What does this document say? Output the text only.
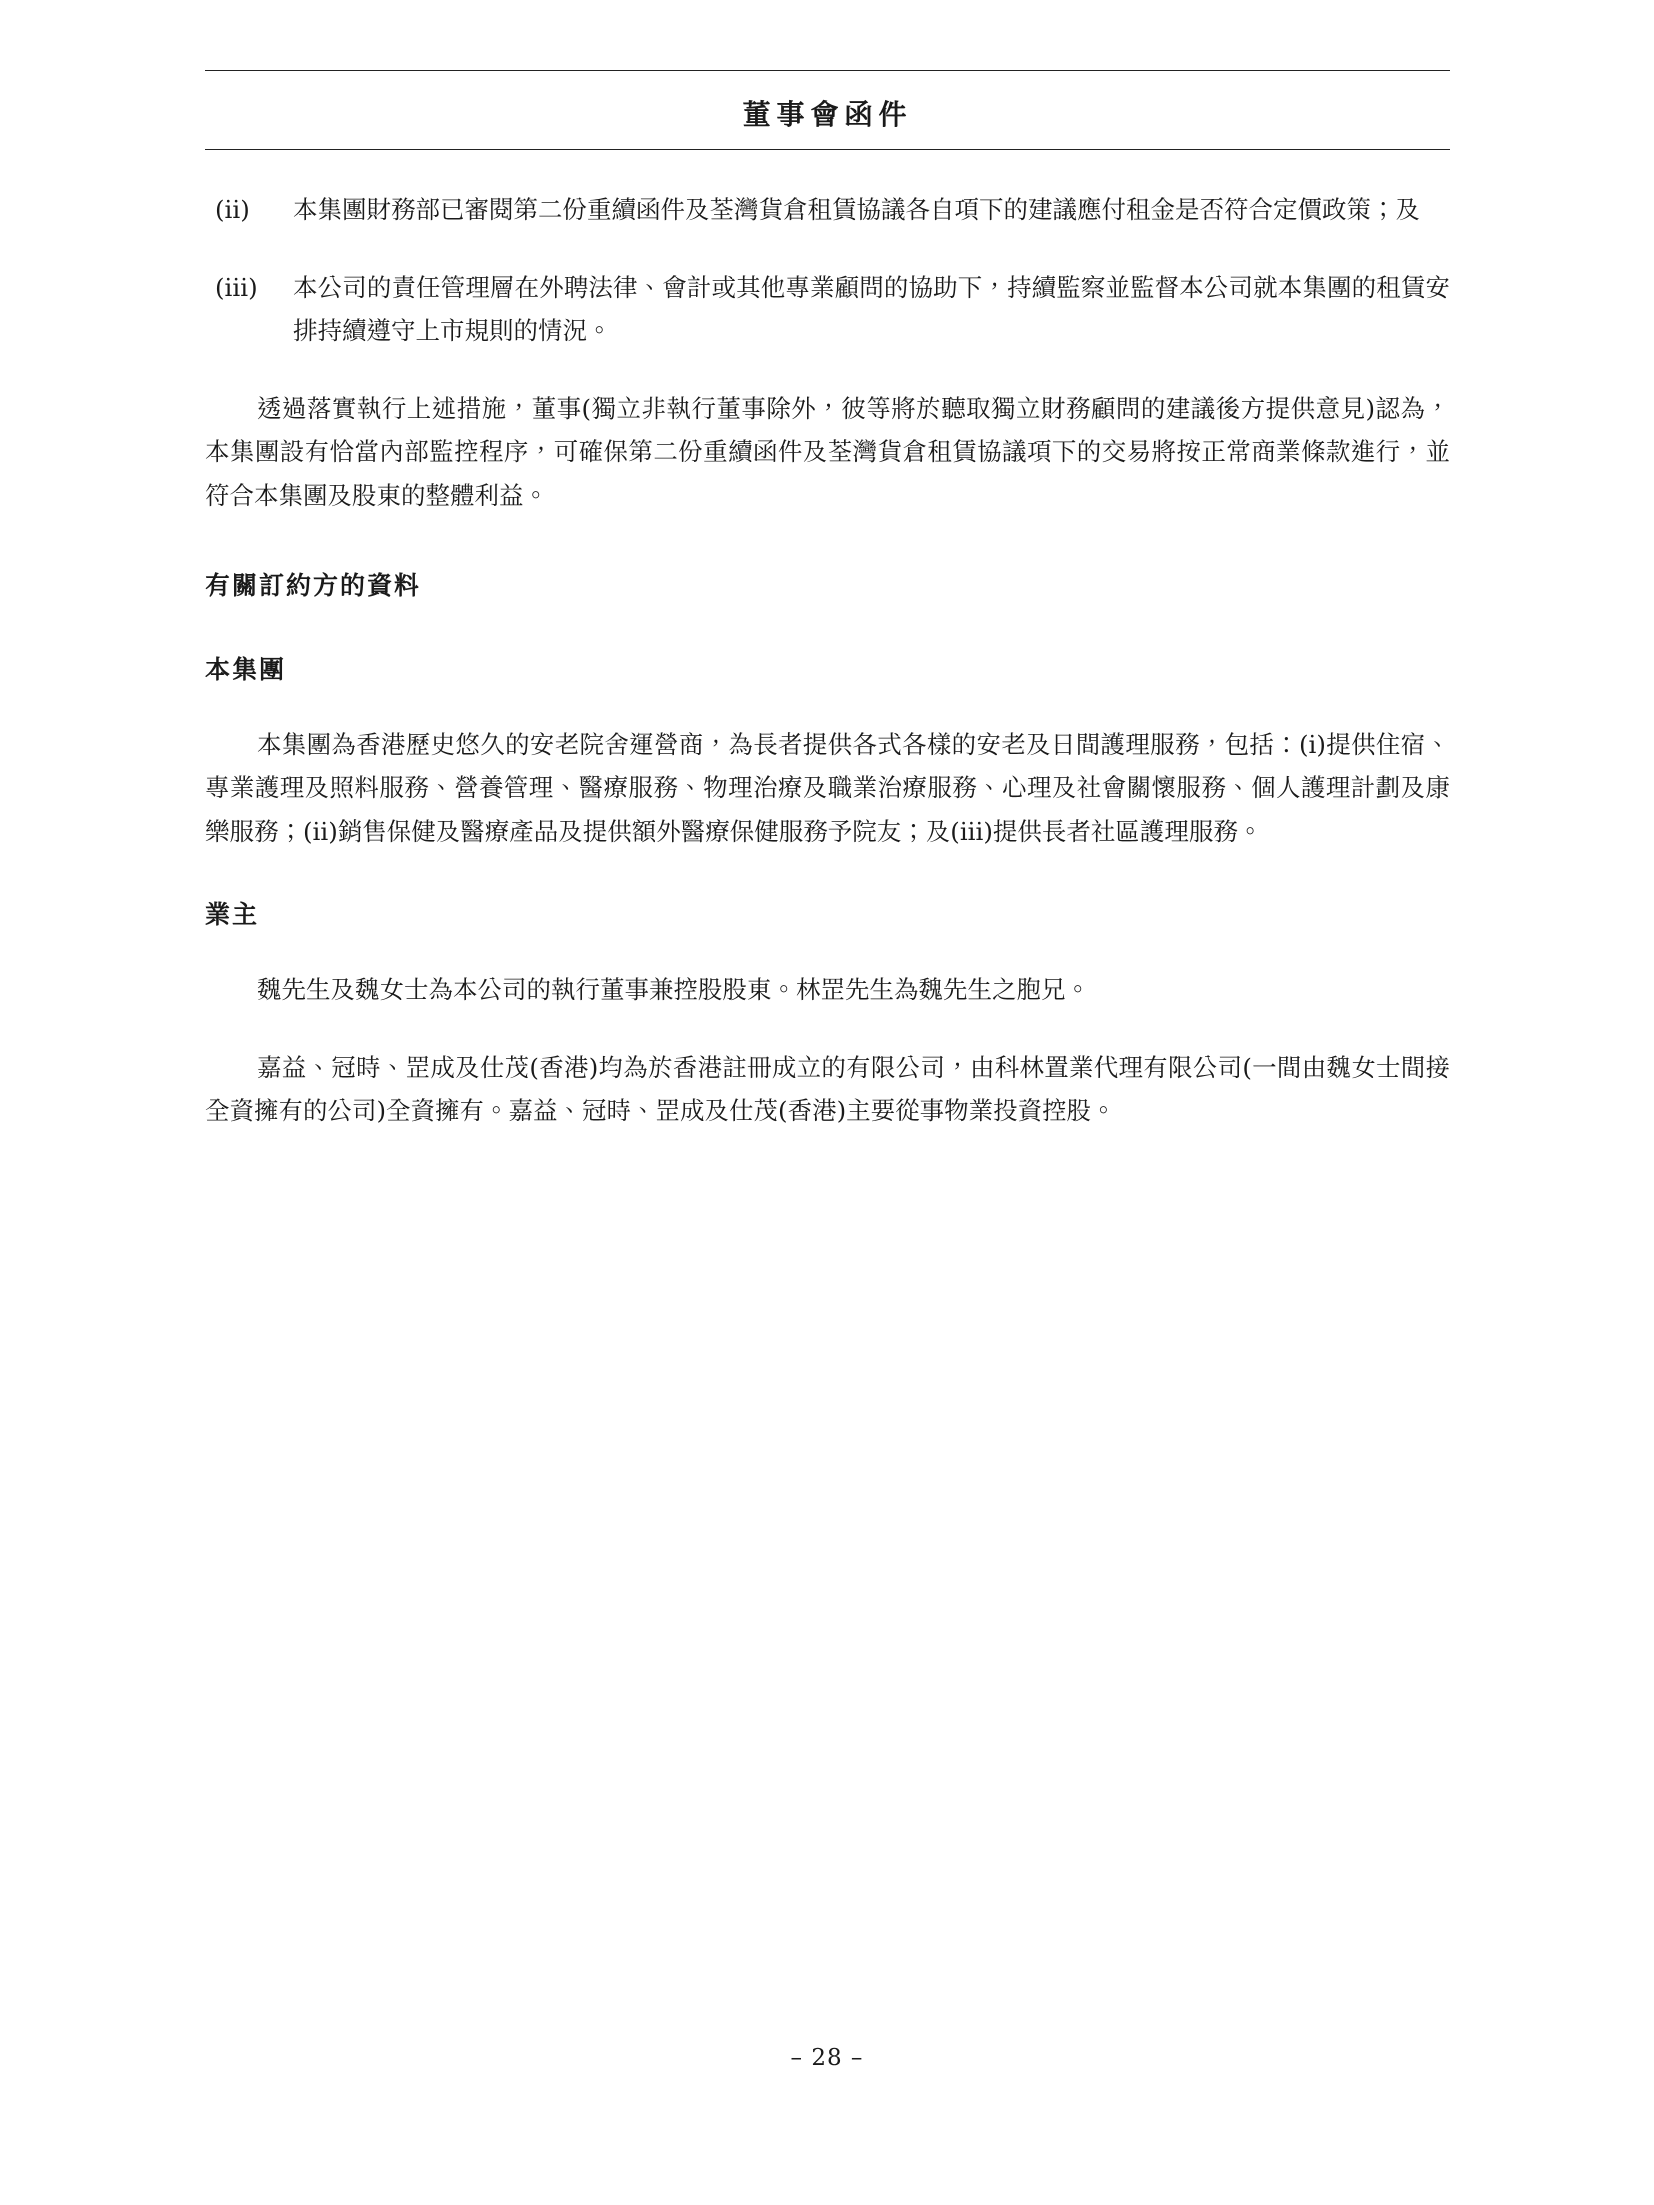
董事會函件
(ii)	本集團財務部已審閱第二份重續函件及荃灣貨倉租賃協議各自項下的建議應付租金是否符合定價政策；及
(iii)	本公司的責任管理層在外聘法律、會計或其他專業顧問的協助下，持續監察並監督本公司就本集團的租賃安排持續遵守上市規則的情況。

透過落實執行上述措施，董事(獨立非執行董事除外，彼等將於聽取獨立財務顧問的建議後方提供意見)認為，本集團設有恰當內部監控程序，可確保第二份重續函件及荃灣貨倉租賃協議項下的交易將按正常商業條款進行，並符合本集團及股東的整體利益。

有關訂約方的資料
本集團

本集團為香港歷史悠久的安老院舍運營商，為長者提供各式各樣的安老及日間護理服務，包括：(i)提供住宿、專業護理及照料服務、營養管理、醫療服務、物理治療及職業治療服務、心理及社會關懷服務、個人護理計劃及康樂服務；(ii)銷售保健及醫療產品及提供額外醫療保健服務予院友；及(iii)提供長者社區護理服務。

業主

魏先生及魏女士為本公司的執行董事兼控股股東。林罡先生為魏先生之胞兄。

嘉益、冠時、罡成及仕茂(香港)均為於香港註冊成立的有限公司，由科林置業代理有限公司(一間由魏女士間接全資擁有的公司)全資擁有。嘉益、冠時、罡成及仕茂(香港)主要從事物業投資控股。

– 28 –
